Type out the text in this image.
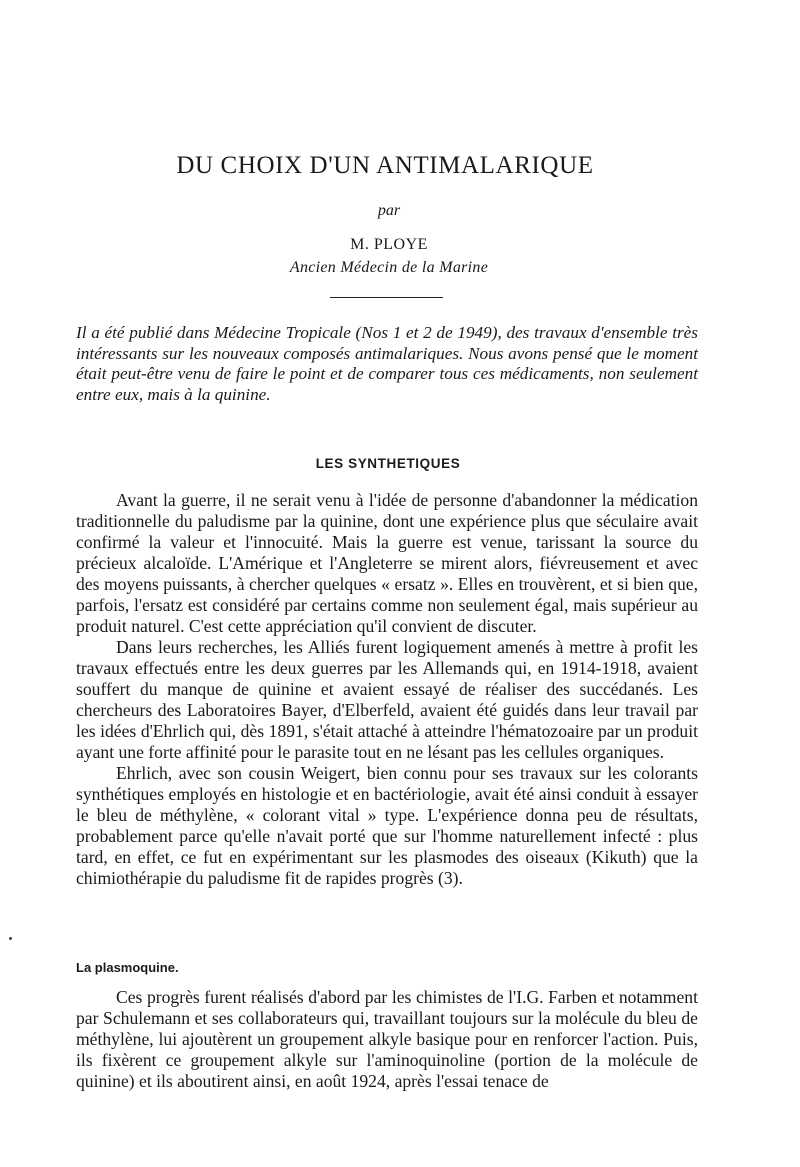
DU CHOIX D'UN ANTIMALARIQUE
par
M. PLOYE
Ancien Médecin de la Marine

Il a été publié dans Médecine Tropicale (Nos 1 et 2 de 1949), des travaux d'ensemble très intéressants sur les nouveaux composés antimalariques. Nous avons pensé que le moment était peut-être venu de faire le point et de comparer tous ces médicaments, non seulement entre eux, mais à la quinine.

LES SYNTHETIQUES

Avant la guerre, il ne serait venu à l'idée de personne d'abandonner la médication traditionnelle du paludisme par la quinine, dont une expérience plus que séculaire avait confirmé la valeur et l'innocuité. Mais la guerre est venue, tarissant la source du précieux alcaloïde. L'Amérique et l'Angleterre se mirent alors, fiévreusement et avec des moyens puissants, à chercher quelques « ersatz ». Elles en trouvèrent, et si bien que, parfois, l'ersatz est considéré par certains comme non seulement égal, mais supérieur au produit naturel. C'est cette appréciation qu'il convient de discuter.

Dans leurs recherches, les Alliés furent logiquement amenés à mettre à profit les travaux effectués entre les deux guerres par les Allemands qui, en 1914-1918, avaient souffert du manque de quinine et avaient essayé de réaliser des succédanés. Les chercheurs des Laboratoires Bayer, d'Elberfeld, avaient été guidés dans leur travail par les idées d'Ehrlich qui, dès 1891, s'était attaché à atteindre l'hématozoaire par un produit ayant une forte affinité pour le parasite tout en ne lésant pas les cellules organiques.

Ehrlich, avec son cousin Weigert, bien connu pour ses travaux sur les colorants synthétiques employés en histologie et en bactériologie, avait été ainsi conduit à essayer le bleu de méthylène, « colorant vital » type. L'expérience donna peu de résultats, probablement parce qu'elle n'avait porté que sur l'homme naturellement infecté : plus tard, en effet, ce fut en expérimentant sur les plasmodes des oiseaux (Kikuth) que la chimiothérapie du paludisme fit de rapides progrès (3).

La plasmoquine.

Ces progrès furent réalisés d'abord par les chimistes de l'I.G. Farben et notamment par Schulemann et ses collaborateurs qui, travaillant toujours sur la molécule du bleu de méthylène, lui ajoutèrent un groupement alkyle basique pour en renforcer l'action. Puis, ils fixèrent ce groupement alkyle sur l'aminoquinoline (portion de la molécule de quinine) et ils aboutirent ainsi, en août 1924, après l'essai tenace de
